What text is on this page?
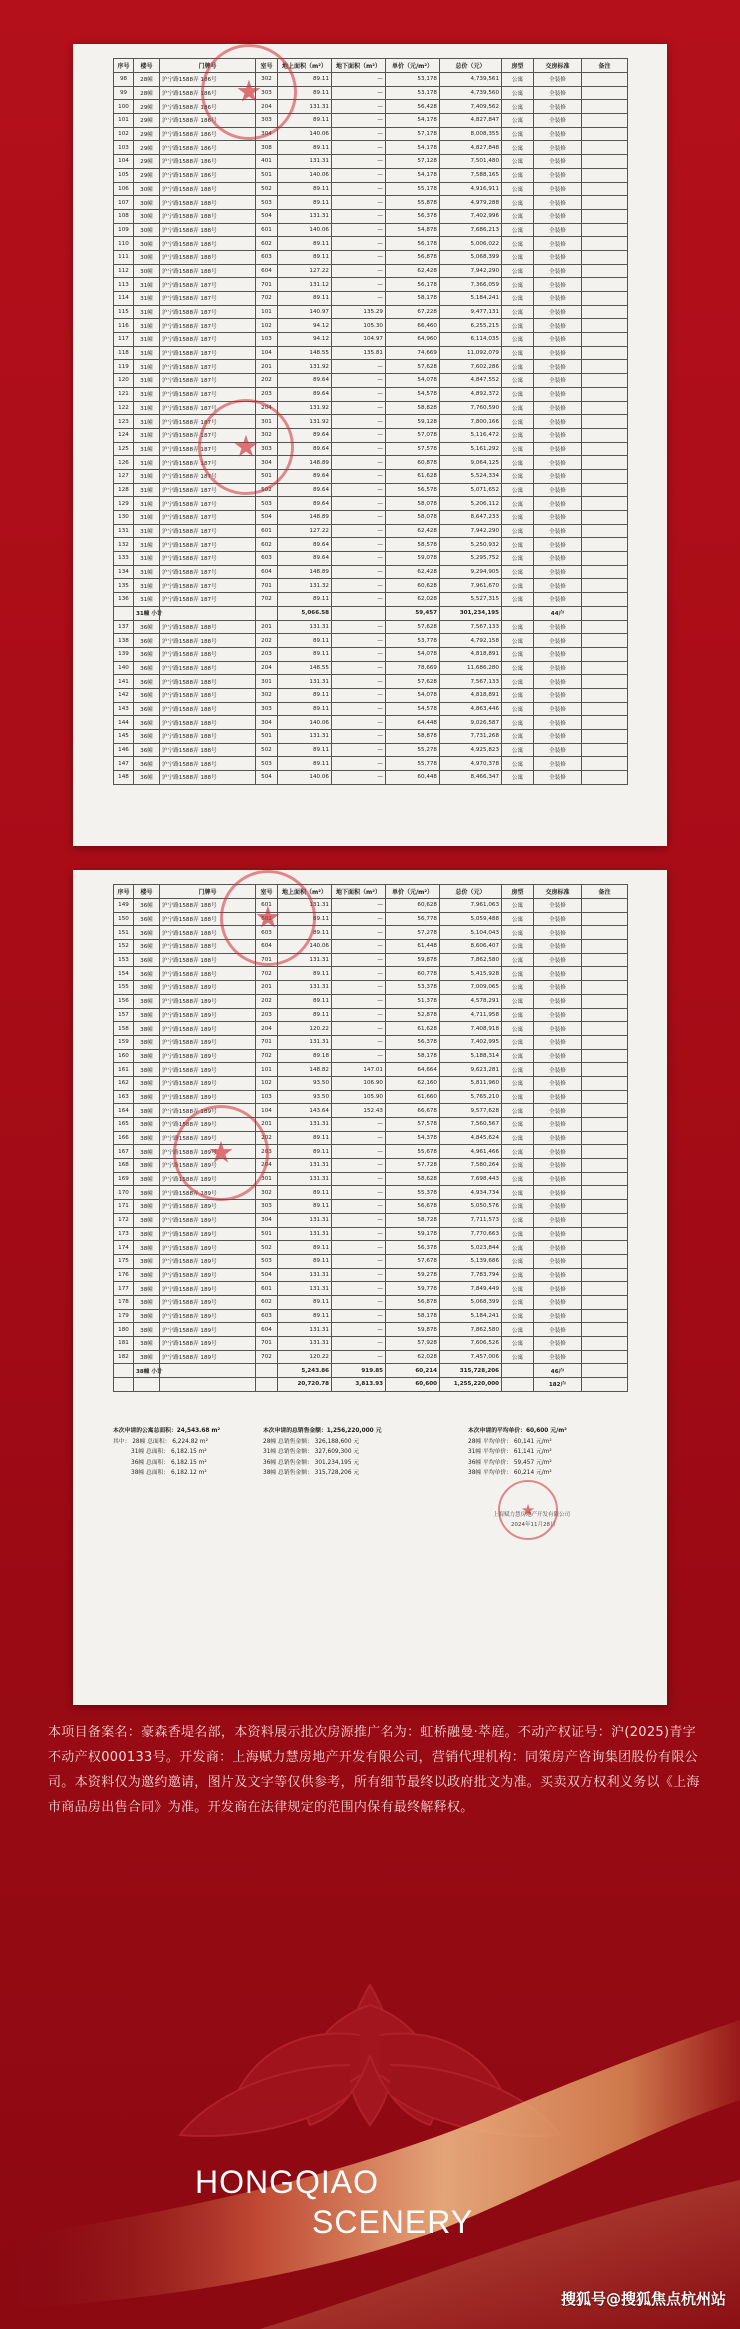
序号	楼号	门牌号	室号	地上面积（m²）	地下面积（m²）	单价（元/m²）	总价（元）	房型	交房标准	备注
98	28幢	沪宁路1588弄 186号	302	89.11	—	53,178	4,739,561	公寓	全装修	
99	28幢	沪宁路1588弄 186号	303	89.11	—	53,178	4,739,560	公寓	全装修	
100	29幢	沪宁路1588弄 186号	204	131.31	—	56,428	7,409,562	公寓	全装修	
101	29幢	沪宁路1588弄 186号	303	89.11	—	54,178	4,827,847	公寓	全装修	
102	29幢	沪宁路1588弄 186号	304	140.06	—	57,178	8,008,355	公寓	全装修	
103	29幢	沪宁路1588弄 186号	308	89.11	—	54,178	4,827,848	公寓	全装修	
104	29幢	沪宁路1588弄 186号	401	131.31	—	57,128	7,501,480	公寓	全装修	
105	29幢	沪宁路1588弄 186号	501	140.06	—	54,178	7,588,165	公寓	全装修	
106	30幢	沪宁路1588弄 188号	502	89.11	—	55,178	4,916,911	公寓	全装修	
107	30幢	沪宁路1588弄 188号	503	89.11	—	55,878	4,979,288	公寓	全装修	
108	30幢	沪宁路1588弄 188号	504	131.31	—	56,378	7,402,996	公寓	全装修	
109	30幢	沪宁路1588弄 188号	601	140.06	—	54,878	7,686,213	公寓	全装修	
110	30幢	沪宁路1588弄 188号	602	89.11	—	56,178	5,006,022	公寓	全装修	
111	30幢	沪宁路1588弄 188号	603	89.11	—	56,878	5,068,399	公寓	全装修	
112	30幢	沪宁路1588弄 188号	604	127.22	—	62,428	7,942,290	公寓	全装修	
113	31幢	沪宁路1588弄 187号	701	131.12	—	56,178	7,366,059	公寓	全装修	
114	31幢	沪宁路1588弄 187号	702	89.11	—	58,178	5,184,241	公寓	全装修	
115	31幢	沪宁路1588弄 187号	101	140.97	135.29	67,228	9,477,131	公寓	全装修	
116	31幢	沪宁路1588弄 187号	102	94.12	105.30	66,460	6,255,215	公寓	全装修	
117	31幢	沪宁路1588弄 187号	103	94.12	104.97	64,960	6,114,035	公寓	全装修	
118	31幢	沪宁路1588弄 187号	104	148.55	135.81	74,669	11,092,079	公寓	全装修	
119	31幢	沪宁路1588弄 187号	201	131.92	—	57,628	7,602,286	公寓	全装修	
120	31幢	沪宁路1588弄 187号	202	89.64	—	54,078	4,847,552	公寓	全装修	
121	31幢	沪宁路1588弄 187号	203	89.64	—	54,578	4,892,372	公寓	全装修	
122	31幢	沪宁路1588弄 187号	204	131.92	—	58,828	7,760,590	公寓	全装修	
123	31幢	沪宁路1588弄 187号	301	131.92	—	59,128	7,800,166	公寓	全装修	
124	31幢	沪宁路1588弄 187号	302	89.64	—	57,078	5,116,472	公寓	全装修	
125	31幢	沪宁路1588弄 187号	303	89.64	—	57,578	5,161,292	公寓	全装修	
126	31幢	沪宁路1588弄 187号	304	148.89	—	60,878	9,064,125	公寓	全装修	
127	31幢	沪宁路1588弄 187号	501	89.64	—	61,628	5,524,334	公寓	全装修	
128	31幢	沪宁路1588弄 187号	502	89.64	—	56,578	5,071,652	公寓	全装修	
129	31幢	沪宁路1588弄 187号	503	89.64	—	58,078	5,206,112	公寓	全装修	
130	31幢	沪宁路1588弄 187号	504	148.89	—	58,078	8,647,233	公寓	全装修	
131	31幢	沪宁路1588弄 187号	601	127.22	—	62,428	7,942,290	公寓	全装修	
132	31幢	沪宁路1588弄 187号	602	89.64	—	58,578	5,250,932	公寓	全装修	
133	31幢	沪宁路1588弄 187号	603	89.64	—	59,078	5,295,752	公寓	全装修	
134	31幢	沪宁路1588弄 187号	604	148.89	—	62,428	9,294,905	公寓	全装修	
135	31幢	沪宁路1588弄 187号	701	131.32	—	60,628	7,961,670	公寓	全装修	
136	31幢	沪宁路1588弄 187号	702	89.11	—	62,028	5,527,315	公寓	全装修	
	31幢 小计			5,066.58		59,457	301,234,195		44户	
137	36幢	沪宁路1588弄 188号	201	131.31	—	57,628	7,567,133	公寓	全装修	
138	36幢	沪宁路1588弄 188号	202	89.11	—	53,778	4,792,158	公寓	全装修	
139	36幢	沪宁路1588弄 188号	203	89.11	—	54,078	4,818,891	公寓	全装修	
140	36幢	沪宁路1588弄 188号	204	148.55	—	78,669	11,686,280	公寓	全装修	
141	36幢	沪宁路1588弄 188号	301	131.31	—	57,628	7,567,133	公寓	全装修	
142	36幢	沪宁路1588弄 188号	302	89.11	—	54,078	4,818,891	公寓	全装修	
143	36幢	沪宁路1588弄 188号	303	89.11	—	54,578	4,863,446	公寓	全装修	
144	36幢	沪宁路1588弄 188号	304	140.06	—	64,448	9,026,587	公寓	全装修	
145	36幢	沪宁路1588弄 188号	501	131.31	—	58,878	7,731,268	公寓	全装修	
146	36幢	沪宁路1588弄 188号	502	89.11	—	55,278	4,925,823	公寓	全装修	
147	36幢	沪宁路1588弄 188号	503	89.11	—	55,778	4,970,378	公寓	全装修	
148	36幢	沪宁路1588弄 188号	504	140.06	—	60,448	8,466,347	公寓	全装修	
★
★
序号	楼号	门牌号	室号	地上面积（m²）	地下面积（m²）	单价（元/m²）	总价（元）	房型	交房标准	备注
149	36幢	沪宁路1588弄 188号	601	131.31	—	60,628	7,961,063	公寓	全装修	
150	36幢	沪宁路1588弄 188号	602	89.11	—	56,778	5,059,488	公寓	全装修	
151	36幢	沪宁路1588弄 188号	603	89.11	—	57,278	5,104,043	公寓	全装修	
152	36幢	沪宁路1588弄 188号	604	140.06	—	61,448	8,606,407	公寓	全装修	
153	36幢	沪宁路1588弄 188号	701	131.31	—	59,878	7,862,580	公寓	全装修	
154	36幢	沪宁路1588弄 188号	702	89.11	—	60,778	5,415,928	公寓	全装修	
155	38幢	沪宁路1588弄 189号	201	131.31	—	53,378	7,009,065	公寓	全装修	
156	38幢	沪宁路1588弄 189号	202	89.11	—	51,378	4,578,291	公寓	全装修	
157	38幢	沪宁路1588弄 189号	203	89.11	—	52,878	4,711,958	公寓	全装修	
158	38幢	沪宁路1588弄 189号	204	120.22	—	61,628	7,408,918	公寓	全装修	
159	38幢	沪宁路1588弄 189号	701	131.31	—	56,378	7,402,995	公寓	全装修	
160	38幢	沪宁路1588弄 189号	702	89.18	—	58,178	5,188,314	公寓	全装修	
161	38幢	沪宁路1588弄 189号	101	148.82	147.01	64,664	9,623,281	公寓	全装修	
162	38幢	沪宁路1588弄 189号	102	93.50	106.90	62,160	5,811,960	公寓	全装修	
163	38幢	沪宁路1588弄 189号	103	93.50	105.90	61,660	5,765,210	公寓	全装修	
164	38幢	沪宁路1588弄 189号	104	143.64	152.43	66,678	9,577,628	公寓	全装修	
165	38幢	沪宁路1588弄 189号	201	131.31	—	57,578	7,560,567	公寓	全装修	
166	38幢	沪宁路1588弄 189号	202	89.11	—	54,378	4,845,624	公寓	全装修	
167	38幢	沪宁路1588弄 189号	203	89.11	—	55,678	4,961,466	公寓	全装修	
168	38幢	沪宁路1588弄 189号	204	131.31	—	57,728	7,580,264	公寓	全装修	
169	38幢	沪宁路1588弄 189号	301	131.31	—	58,628	7,698,443	公寓	全装修	
170	38幢	沪宁路1588弄 189号	302	89.11	—	55,378	4,934,734	公寓	全装修	
171	38幢	沪宁路1588弄 189号	303	89.11	—	56,678	5,050,576	公寓	全装修	
172	38幢	沪宁路1588弄 189号	304	131.31	—	58,728	7,711,573	公寓	全装修	
173	38幢	沪宁路1588弄 189号	501	131.31	—	59,178	7,770,663	公寓	全装修	
174	38幢	沪宁路1588弄 189号	502	89.11	—	56,378	5,023,844	公寓	全装修	
175	38幢	沪宁路1588弄 189号	503	89.11	—	57,678	5,139,686	公寓	全装修	
176	38幢	沪宁路1588弄 189号	504	131.31	—	59,278	7,783,794	公寓	全装修	
177	38幢	沪宁路1588弄 189号	601	131.31	—	59,778	7,849,449	公寓	全装修	
178	38幢	沪宁路1588弄 189号	602	89.11	—	56,878	5,068,399	公寓	全装修	
179	38幢	沪宁路1588弄 189号	603	89.11	—	58,178	5,184,241	公寓	全装修	
180	38幢	沪宁路1588弄 189号	604	131.31	—	59,878	7,862,580	公寓	全装修	
181	38幢	沪宁路1588弄 189号	701	131.31	—	57,928	7,606,526	公寓	全装修	
182	38幢	沪宁路1588弄 189号	702	120.22	—	62,028	7,457,006	公寓	全装修	
	38幢 小计			5,243.86	919.85	60,214	315,728,206		46户	
				20,720.78	3,813.93	60,600	1,255,220,000		182户	
★
★
本次申请的公寓总面积：24,543.68 m²
其中： 28幢 总面积： 6,224.82 m²
31幢 总面积： 6,182.15 m²
36幢 总面积： 6,182.15 m²
38幢 总面积： 6,182.12 m²
本次申请的总销售金额：1,256,220,000 元
28幢 总销售金额： 326,188,600 元
31幢 总销售金额： 327,609,300 元
36幢 总销售金额： 301,234,195 元
38幢 总销售金额： 315,728,206 元
本次申请的平均单价：60,600 元/m²
28幢 平均单价： 60,141 元/m²
31幢 平均单价： 61,141 元/m²
36幢 平均单价： 59,457 元/m²
38幢 平均单价： 60,214 元/m²
上海赋力慧房地产开发有限公司
2024年11月28日
★
本项目备案名：豪森香堤名部，本资料展示批次房源推广名为：虹桥融曼·萃庭。不动产权证号：沪(2025)青字不动产权000133号。开发商：上海赋力慧房地产开发有限公司，营销代理机构：同策房产咨询集团股份有限公司。本资料仅为邀约邀请，图片及文字等仅供参考，所有细节最终以政府批文为准。买卖双方权利义务以《上海市商品房出售合同》为准。开发商在法律规定的范围内保有最终解释权。
HONGQIAO
SCENERY
搜狐号@搜狐焦点杭州站
